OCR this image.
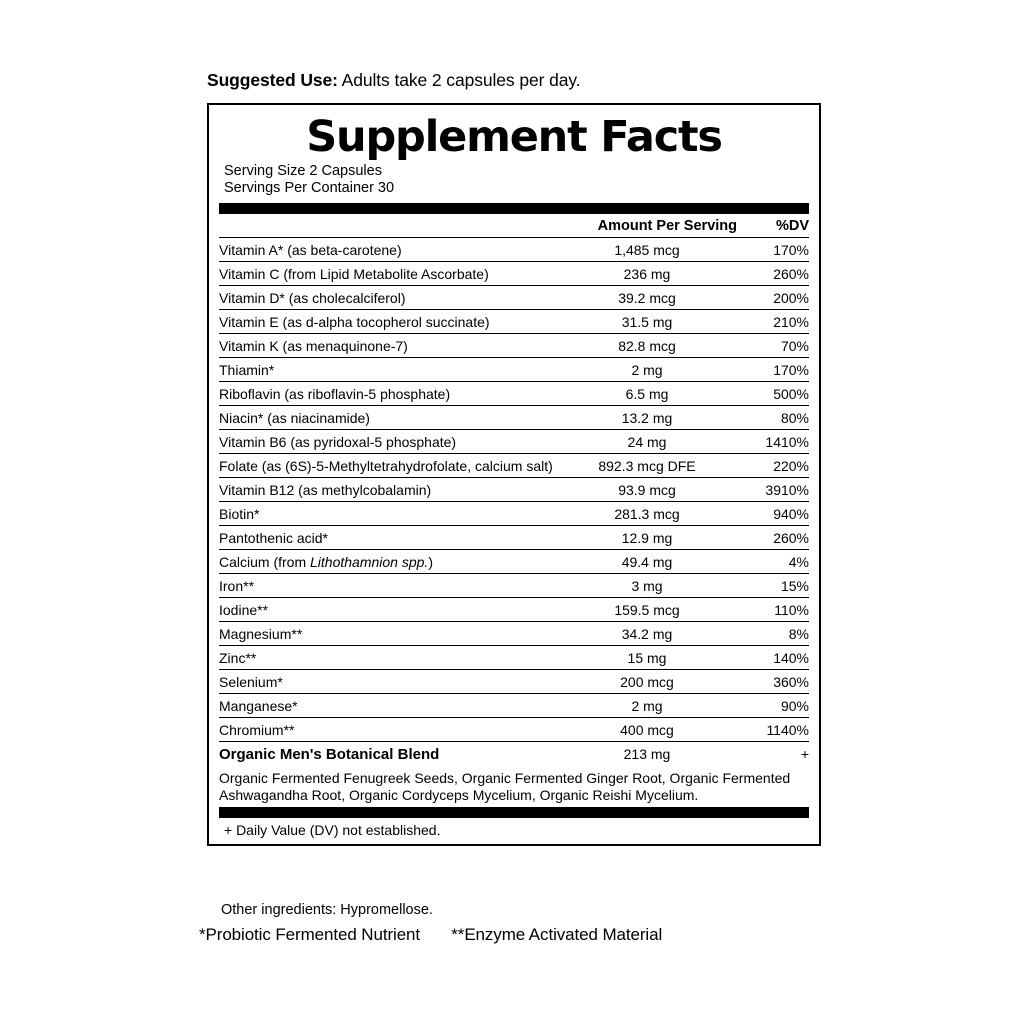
Suggested Use: Adults take 2 capsules per day.
Supplement Facts
Serving Size 2 Capsules
Servings Per Container 30
	Amount Per Serving	%DV
Vitamin A* (as beta-carotene)	1,485 mcg	170%
Vitamin C (from Lipid Metabolite Ascorbate)	236 mg	260%
Vitamin D* (as cholecalciferol)	39.2 mcg	200%
Vitamin E (as d-alpha tocopherol succinate)	31.5 mg	210%
Vitamin K (as menaquinone-7)	82.8 mcg	70%
Thiamin*	2 mg	170%
Riboflavin (as riboflavin-5 phosphate)	6.5 mg	500%
Niacin* (as niacinamide)	13.2 mg	80%
Vitamin B6 (as pyridoxal-5 phosphate)	24 mg	1410%
Folate (as (6S)-5-Methyltetrahydrofolate, calcium salt)	892.3 mcg DFE	220%
Vitamin B12 (as methylcobalamin)	93.9 mcg	3910%
Biotin*	281.3 mcg	940%
Pantothenic acid*	12.9 mg	260%
Calcium (from Lithothamnion spp.)	49.4 mg	4%
Iron**	3 mg	15%
Iodine**	159.5 mcg	110%
Magnesium**	34.2 mg	8%
Zinc**	15 mg	140%
Selenium*	200 mcg	360%
Manganese*	2 mg	90%
Chromium**	400 mcg	1140%
Organic Men's Botanical Blend	213 mg	+
Organic Fermented Fenugreek Seeds, Organic Fermented Ginger Root, Organic Fermented Ashwagandha Root, Organic Cordyceps Mycelium, Organic Reishi Mycelium.
+ Daily Value (DV) not established.
Other ingredients: Hypromellose.
*Probiotic Fermented Nutrient **Enzyme Activated Material
